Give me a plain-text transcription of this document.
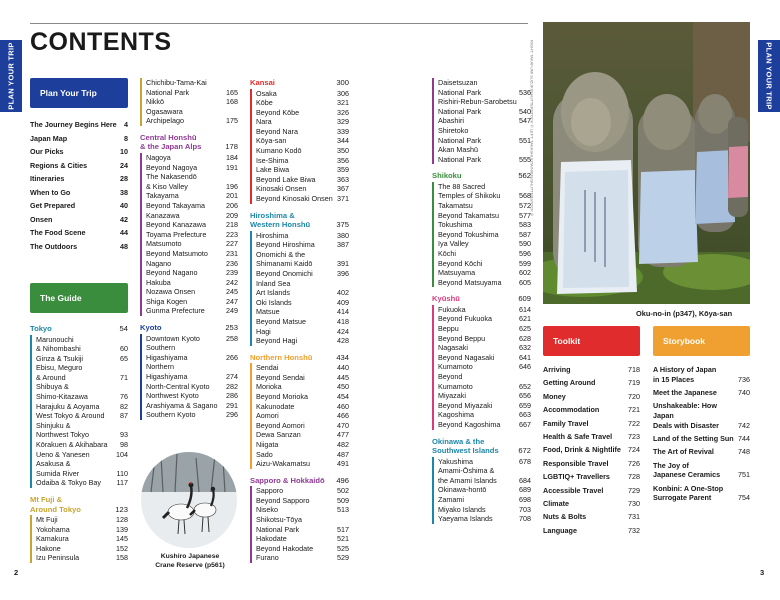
PLAN YOUR TRIP	PLAN YOUR TRIP
CONTENTS
Plan Your Trip
The Journey Begins Here 4
Japan Map	8
Our Picks	10
Regions & Cities	24
Itineraries	28
When to Go	38
Get Prepared	40
Onsen	42
The Food Scene	44
The Outdoors	48
The Guide
Tokyo	54
Marunouchi
& Nihombashi	60
Ginza & Tsukiji	65
Ebisu, Meguro
& Around	71
Shibuya &
Shimo-Kitazawa	76
Harajuku & Aoyama	82
West Tokyo & Around 87
Shinjuku &
Northwest Tokyo	93
Kōrakuen & Akihabara 98
Ueno & Yanesen	104
Asakusa &
Sumida River	110
Odaiba & Tokyo Bay 117
Mt Fuji &
Around Tokyo	123
Mt Fuji	128
Yokohama	139
Kamakura	145
Hakone	152
Izu Peninsula	158
Chichibu-Tama-Kai
National Park	165
Nikkō	168
Ogasawara
Archipelago	175
Central Honshū
& the Japan Alps	178
Nagoya	184
Beyond Nagoya	191
The Nakasendō
& Kiso Valley	196
Takayama	201
Beyond Takayama	206
Kanazawa	209
Beyond Kanazawa	218
Toyama Prefecture	223
Matsumoto	227
Beyond Matsumoto	231
Nagano	236
Beyond Nagano	239
Hakuba	242
Nozawa Onsen	245
Shiga Kogen	247
Gunma Prefecture	249
Kyoto	253
Downtown Kyoto	258
Southern
Higashiyama	266
Northern
Higashiyama	274
North-Central Kyoto 282
Northwest Kyoto	286
Arashiyama & Sagano 291
Southern Kyoto	296
Kansai	300
Osaka	306
Kōbe	321
Beyond Kōbe	326
Nara	329
Beyond Nara	339
Kōya-san	344
Kumano Kodō	350
Ise-Shima	356
Lake Biwa	359
Beyond Lake Biwa	363
Kinosaki Onsen	367
Beyond Kinosaki Onsen 371
Hiroshima &
Western Honshū	375
Hiroshima	380
Beyond Hiroshima	387
Onomichi & the
Shimanami Kaidō	391
Beyond Onomichi	396
Inland Sea
Art Islands	402
Oki Islands	409
Matsue	414
Beyond Matsue	418
Hagi	424
Beyond Hagi	428
Northern Honshū	434
Sendai	440
Beyond Sendai	445
Morioka	450
Beyond Morioka	454
Kakunodate	460
Aomori	466
Beyond Aomori	470
Dewa Sanzan	477
Niigata	482
Sado	487
Aizu-Wakamatsu	491
Sapporo & Hokkaidō 496
Sapporo	502
Beyond Sapporo	509
Niseko	513
Shikotsu-Tōya
National Park	517
Hakodate	521
Beyond Hakodate	525
Furano	529
Daisetsuzan
National Park	536
Rishiri-Rebun-Sarobetsu
National Park	540
Abashiri	547
Shiretoko
National Park	551
Akan Mashū
National Park	555
Shikoku	562
The 88 Sacred
Temples of Shikoku	568
Takamatsu	572
Beyond Takamatsu	577
Tokushima	583
Beyond Tokushima	587
Iya Valley	590
Kōchi	596
Beyond Kōchi	599
Matsuyama	602
Beyond Matsuyama 605
Kyūshū	609
Fukuoka	614
Beyond Fukuoka	621
Beppu	625
Beyond Beppu	628
Nagasaki	632
Beyond Nagasaki	641
Kumamoto	646
Beyond
Kumamoto	652
Miyazaki	656
Beyond Miyazaki	659
Kagoshima	663
Beyond Kagoshima	667
Okinawa & the
Southwest Islands	672
Yakushima	678
Amami-Ōshima &
the Amami Islands	684
Okinawa-hontō	689
Zamami	698
Miyako Islands	703
Yaeyama Islands	708
Kushiro Japanese
Crane Reserve (p561)
RIGHT: TAKAFUMI SUZUKI/SHUTTERSTOCK © LEFT: TAKASHI KITA/NIKKI/SHUTTERSTOCK ©
Oku-no-in (p347), Kōya-san
Toolkit	Storybook
Arriving	718
Getting Around	719
Money	720
Accommodation	721
Family Travel	722
Health & Safe Travel 723
Food, Drink & Nightlife 724
Responsible Travel	726
LGBTIQ+ Travellers	728
Accessible Travel	729
Climate	730
Nuts & Bolts	731
Language	732
A History of Japan
in 15 Places	736
Meet the Japanese	740
Unshakeable: How Japan
Deals with Disaster	742
Land of the Setting Sun 744
The Art of Revival	748
The Joy of
Japanese Ceramics 751
Konbini: A One-Stop
Surrogate Parent	754
2	3
